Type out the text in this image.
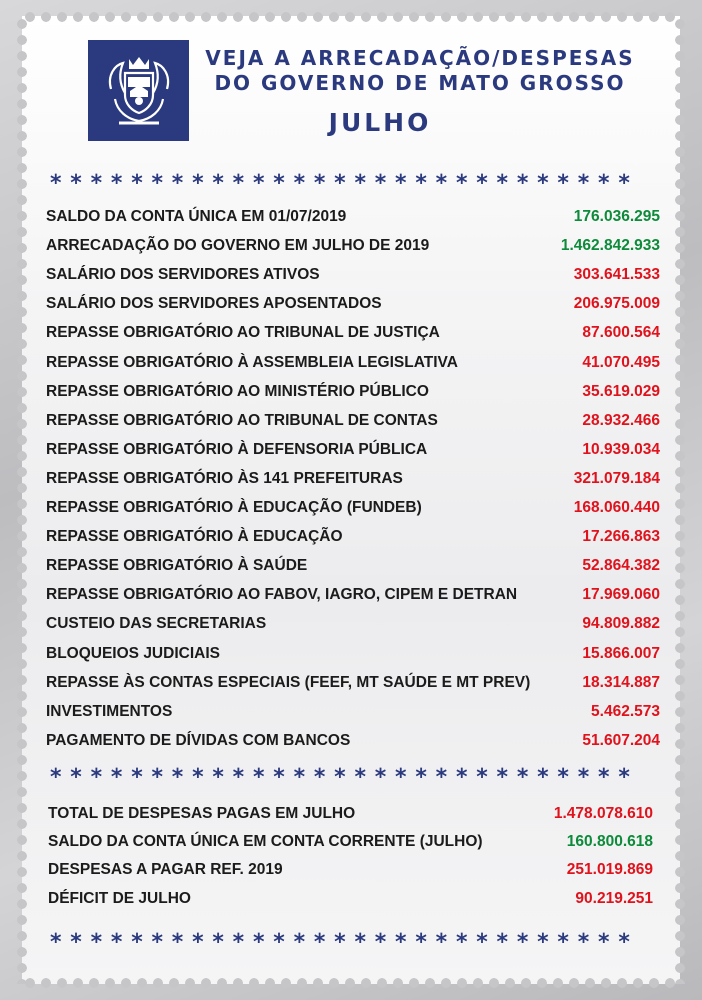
VEJA A ARRECADAÇÃO/DESPESAS
DO GOVERNO DE MATO GROSSO
JULHO
* * * * * * * * * * * * * * * * * * * * * * * * * * * * *
* * * * * * * * * * * * * * * * * * * * * * * * * * * * *
* * * * * * * * * * * * * * * * * * * * * * * * * * * * *
SALDO DA CONTA ÚNICA EM 01/07/2019	176.036.295
ARRECADAÇÃO DO GOVERNO EM JULHO DE 2019	1.462.842.933
SALÁRIO DOS SERVIDORES ATIVOS	303.641.533
SALÁRIO DOS SERVIDORES APOSENTADOS	206.975.009
REPASSE OBRIGATÓRIO AO TRIBUNAL DE JUSTIÇA	87.600.564
REPASSE OBRIGATÓRIO À ASSEMBLEIA LEGISLATIVA	41.070.495
REPASSE OBRIGATÓRIO AO MINISTÉRIO PÚBLICO	35.619.029
REPASSE OBRIGATÓRIO AO TRIBUNAL DE CONTAS	28.932.466
REPASSE OBRIGATÓRIO À DEFENSORIA PÚBLICA	10.939.034
REPASSE OBRIGATÓRIO ÀS 141 PREFEITURAS	321.079.184
REPASSE OBRIGATÓRIO À EDUCAÇÃO (FUNDEB)	168.060.440
REPASSE OBRIGATÓRIO À EDUCAÇÃO	17.266.863
REPASSE OBRIGATÓRIO À SAÚDE	52.864.382
REPASSE OBRIGATÓRIO AO FABOV, IAGRO, CIPEM E DETRAN	17.969.060
CUSTEIO DAS SECRETARIAS	94.809.882
BLOQUEIOS JUDICIAIS	15.866.007
REPASSE ÀS CONTAS ESPECIAIS (FEEF, MT SAÚDE E MT PREV)	18.314.887
INVESTIMENTOS	5.462.573
PAGAMENTO DE DÍVIDAS COM BANCOS	51.607.204
TOTAL DE DESPESAS PAGAS EM JULHO	1.478.078.610
SALDO DA CONTA ÚNICA EM CONTA CORRENTE (JULHO)	160.800.618
DESPESAS A PAGAR REF. 2019	251.019.869
DÉFICIT DE JULHO	90.219.251
